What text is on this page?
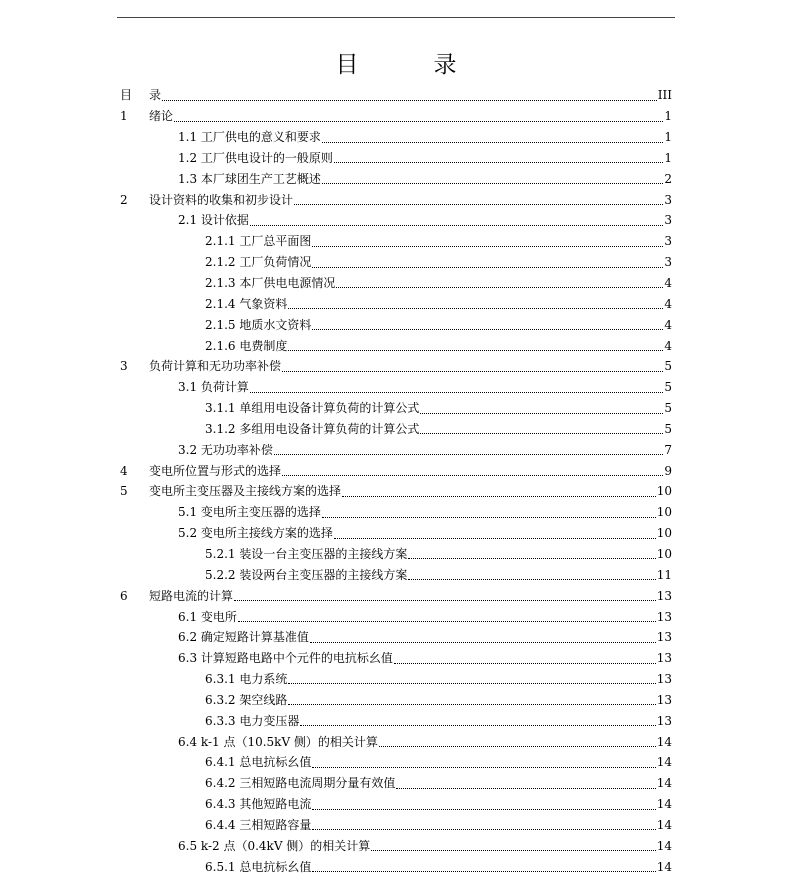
目　录
目	录	III
1	绪论	1
1.1 工厂供电的意义和要求	1
1.2 工厂供电设计的一般原则	1
1.3 本厂球团生产工艺概述	2
2	设计资料的收集和初步设计	3
2.1 设计依据	3
2.1.1 工厂总平面图	3
2.1.2 工厂负荷情况	3
2.1.3 本厂供电电源情况	4
2.1.4 气象资料	4
2.1.5 地质水文资料	4
2.1.6 电费制度	4
3	负荷计算和无功功率补偿	5
3.1 负荷计算	5
3.1.1 单组用电设备计算负荷的计算公式	5
3.1.2 多组用电设备计算负荷的计算公式	5
3.2 无功功率补偿	7
4	变电所位置与形式的选择	9
5	变电所主变压器及主接线方案的选择	10
5.1 变电所主变压器的选择	10
5.2 变电所主接线方案的选择	10
5.2.1 装设一台主变压器的主接线方案	10
5.2.2 装设两台主变压器的主接线方案	11
6	短路电流的计算	13
6.1 变电所	13
6.2 确定短路计算基准值	13
6.3 计算短路电路中个元件的电抗标幺值	13
6.3.1 电力系统	13
6.3.2 架空线路	13
6.3.3 电力变压器	13
6.4 k-1 点（10.5kV 侧）的相关计算	14
6.4.1 总电抗标幺值	14
6.4.2 三相短路电流周期分量有效值	14
6.4.3 其他短路电流	14
6.4.4 三相短路容量	14
6.5 k-2 点（0.4kV 侧）的相关计算	14
6.5.1 总电抗标幺值	14
